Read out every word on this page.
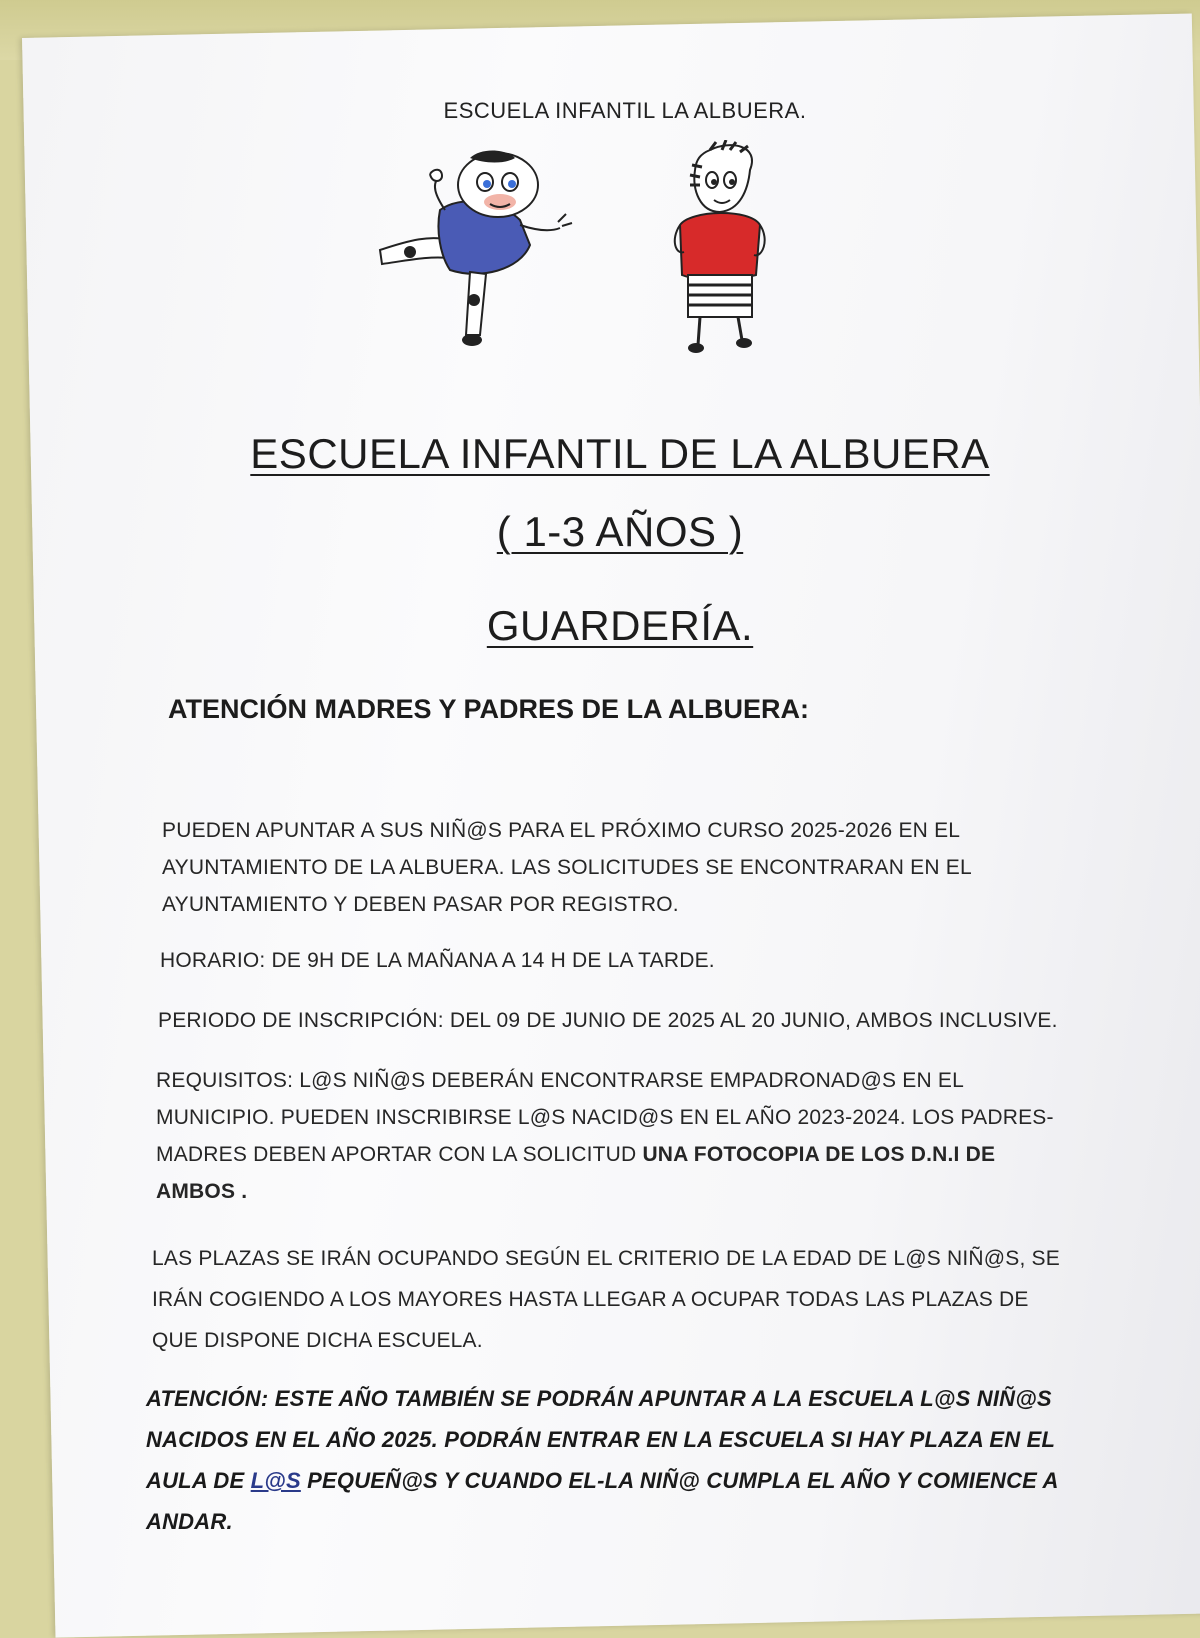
ESCUELA INFANTIL LA ALBUERA.
ESCUELA INFANTIL DE LA ALBUERA
( 1-3 AÑOS )
GUARDERÍA.
ATENCIÓN MADRES Y PADRES DE LA ALBUERA:
PUEDEN APUNTAR A SUS NIÑ@S PARA EL PRÓXIMO CURSO 2025-2026 EN EL
AYUNTAMIENTO DE LA ALBUERA. LAS SOLICITUDES SE ENCONTRARAN EN EL
AYUNTAMIENTO Y DEBEN PASAR POR REGISTRO.
HORARIO: DE 9H DE LA MAÑANA A 14 H DE LA TARDE.
PERIODO DE INSCRIPCIÓN: DEL 09 DE JUNIO DE 2025 AL 20 JUNIO, AMBOS INCLUSIVE.
REQUISITOS: L@S NIÑ@S DEBERÁN ENCONTRARSE EMPADRONAD@S EN EL
MUNICIPIO. PUEDEN INSCRIBIRSE L@S NACID@S EN EL AÑO 2023-2024. LOS PADRES-
MADRES DEBEN APORTAR CON LA SOLICITUD UNA FOTOCOPIA DE LOS D.N.I DE
AMBOS .
LAS PLAZAS SE IRÁN OCUPANDO SEGÚN EL CRITERIO DE LA EDAD DE L@S NIÑ@S, SE
IRÁN COGIENDO A LOS MAYORES HASTA LLEGAR A OCUPAR TODAS LAS PLAZAS DE
QUE DISPONE DICHA ESCUELA.
ATENCIÓN: ESTE AÑO TAMBIÉN SE PODRÁN APUNTAR A LA ESCUELA L@S NIÑ@S
NACIDOS EN EL AÑO 2025. PODRÁN ENTRAR EN LA ESCUELA SI HAY PLAZA EN EL
AULA DE L@S PEQUEÑ@S Y CUANDO EL-LA NIÑ@ CUMPLA EL AÑO Y COMIENCE A
ANDAR.
